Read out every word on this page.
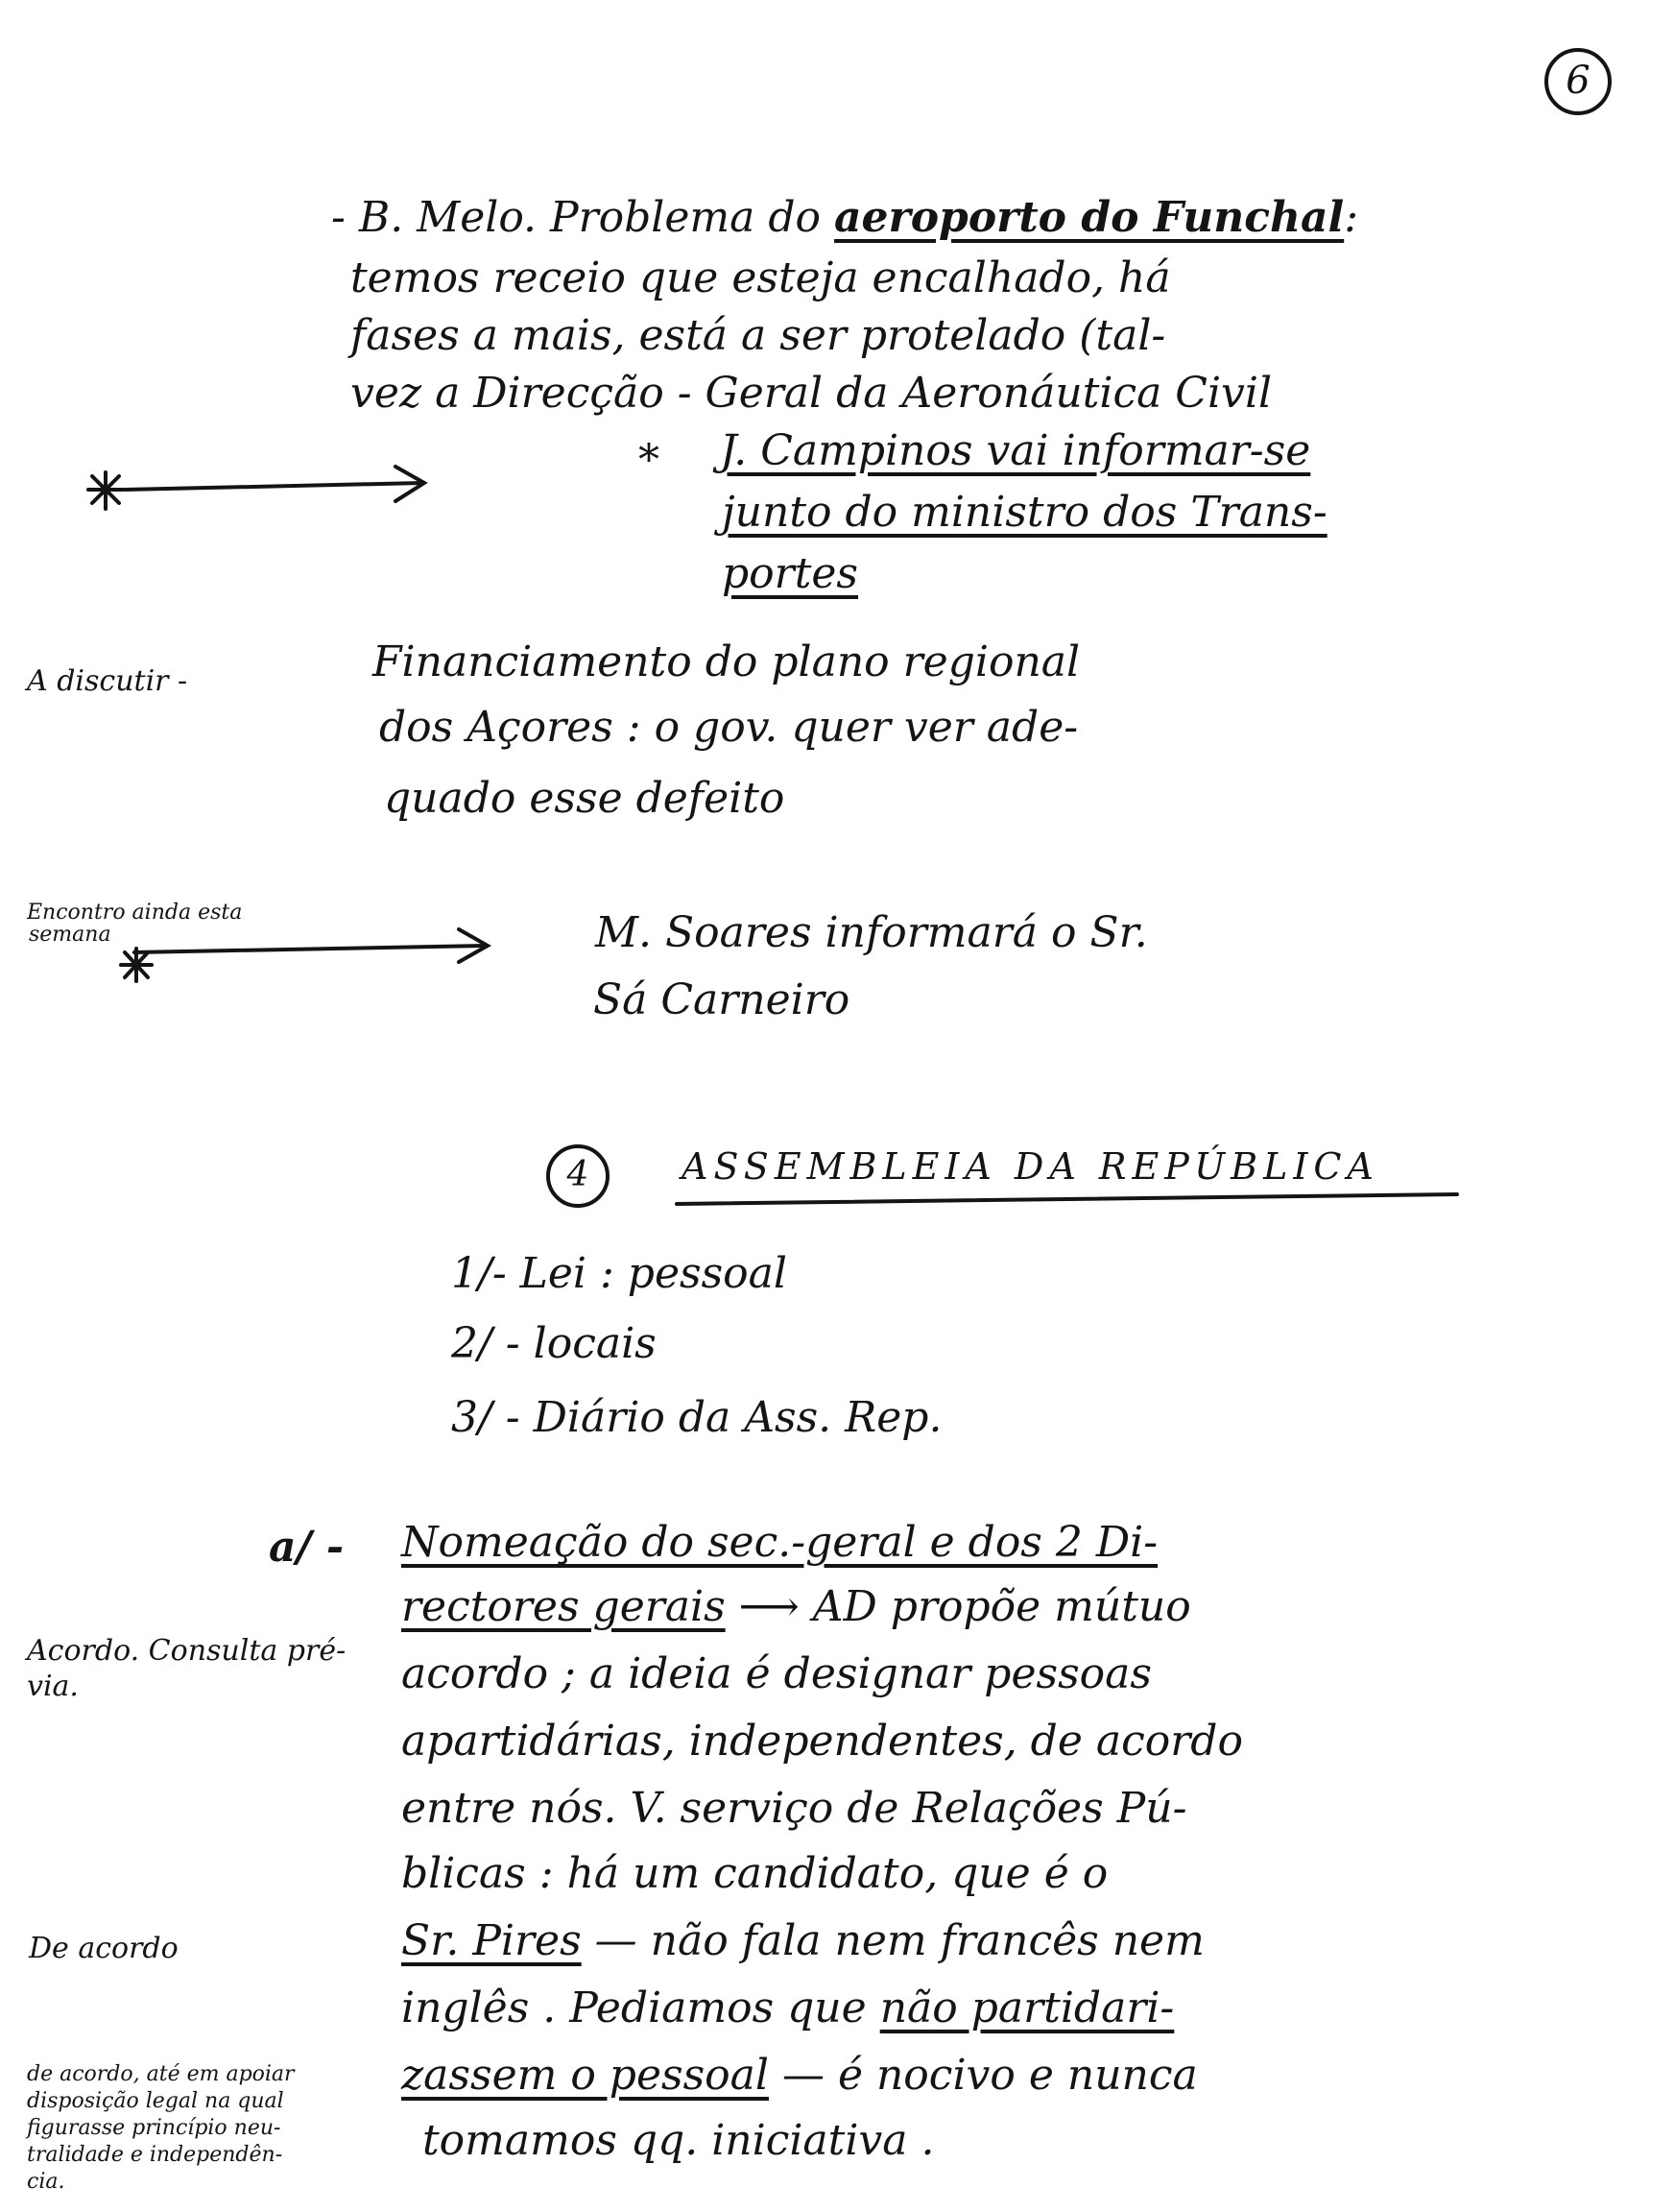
6
- B. Melo. Problema do aeroporto do Funchal:
temos receio que esteja encalhado, há
fases a mais, está a ser protelado (tal-
vez a Direcção - Geral da Aeronáutica Civil
* J. Campinos vai informar-se
junto do ministro dos Trans-
portes
A discutir -	Financiamento do plano regional
dos Açores : o gov. quer ver ade-
quado esse defeito
Encontro ainda esta
semana	M. Soares informará o Sr.
Sá Carneiro
4	ASSEMBLEIA DA REPÚBLICA
1/- Lei : pessoal
2/ - locais
3/ - Diário da Ass. Rep.
a/ - Nomeação do sec.-geral e dos 2 Di-
rectores gerais ⟶ AD propõe mútuo
acordo ; a ideia é designar pessoas
apartidárias, independentes, de acordo
entre nós. V. serviço de Relações Pú-
blicas : há um candidato, que é o
Sr. Pires — não fala nem francês nem
inglês . Pediamos que não partidari-
zassem o pessoal — é nocivo e nunca
tomamos qq. iniciativa .
Acordo. Consulta pré-
via.
De acordo
de acordo, até em apoiar
disposição legal na qual
figurasse princípio neu-
tralidade e independên-
cia.
